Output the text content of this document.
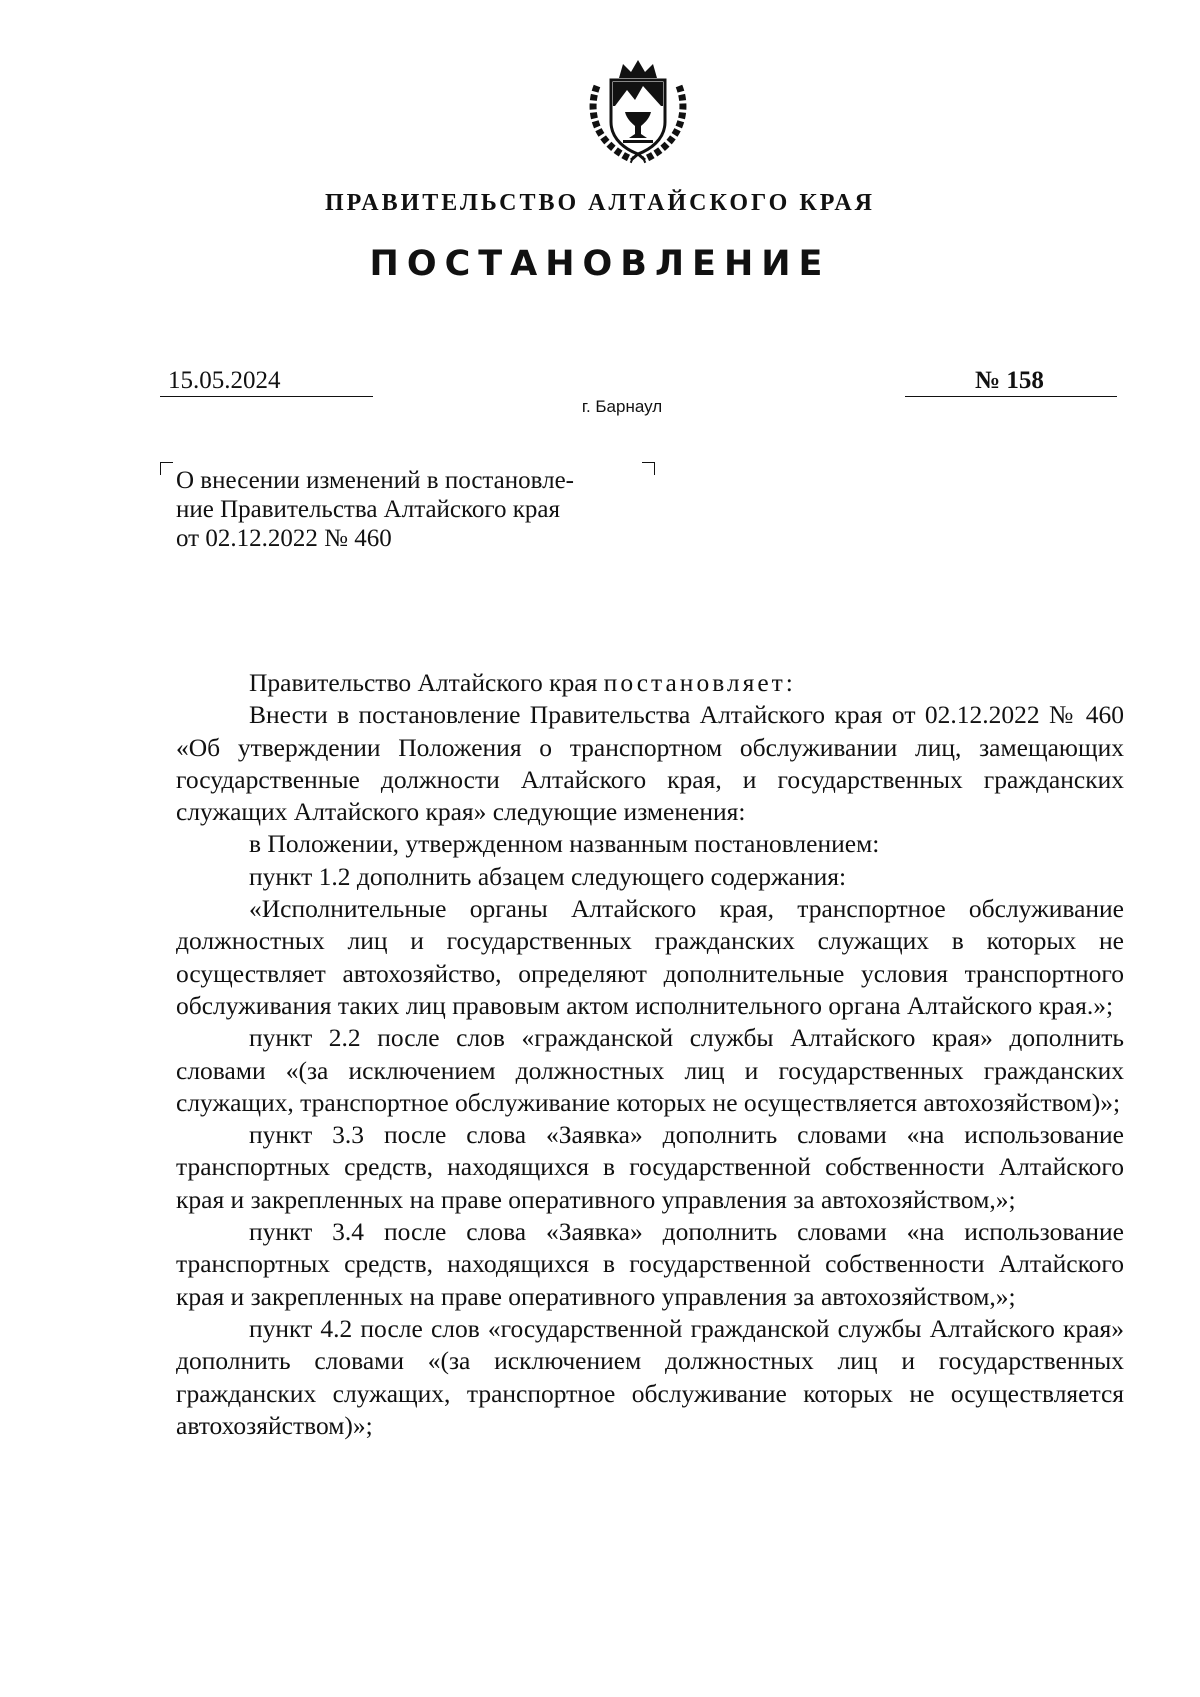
ПРАВИТЕЛЬСТВО АЛТАЙСКОГО КРАЯ
ПОСТАНОВЛЕНИЕ
15.05.2024	№ 158
г. Барнаул
О внесении изменений в постановле-
ние Правительства Алтайского края
от 02.12.2022 № 460

Правительство Алтайского края постановляет:

Внести в постановление Правительства Алтайского края от 02.12.2022 № 460 «Об утверждении Положения о транспортном обслуживании лиц, замещающих государственные должности Алтайского края, и государственных гражданских служащих Алтайского края» следующие изменения:

в Положении, утвержденном названным постановлением:

пункт 1.2 дополнить абзацем следующего содержания:

«Исполнительные органы Алтайского края, транспортное обслуживание должностных лиц и государственных гражданских служащих в которых не осуществляет автохозяйство, определяют дополнительные условия транспортного обслуживания таких лиц правовым актом исполнительного органа Алтайского края.»;

пункт 2.2 после слов «гражданской службы Алтайского края» дополнить словами «(за исключением должностных лиц и государственных гражданских служащих, транспортное обслуживание которых не осуществляется автохозяйством)»;

пункт 3.3 после слова «Заявка» дополнить словами «на использование транспортных средств, находящихся в государственной собственности Алтайского края и закрепленных на праве оперативного управления за автохозяйством,»;

пункт 3.4 после слова «Заявка» дополнить словами «на использование транспортных средств, находящихся в государственной собственности Алтайского края и закрепленных на праве оперативного управления за автохозяйством,»;

пункт 4.2 после слов «государственной гражданской службы Алтайского края» дополнить словами «(за исключением должностных лиц и государственных гражданских служащих, транспортное обслуживание которых не осуществляется автохозяйством)»;
